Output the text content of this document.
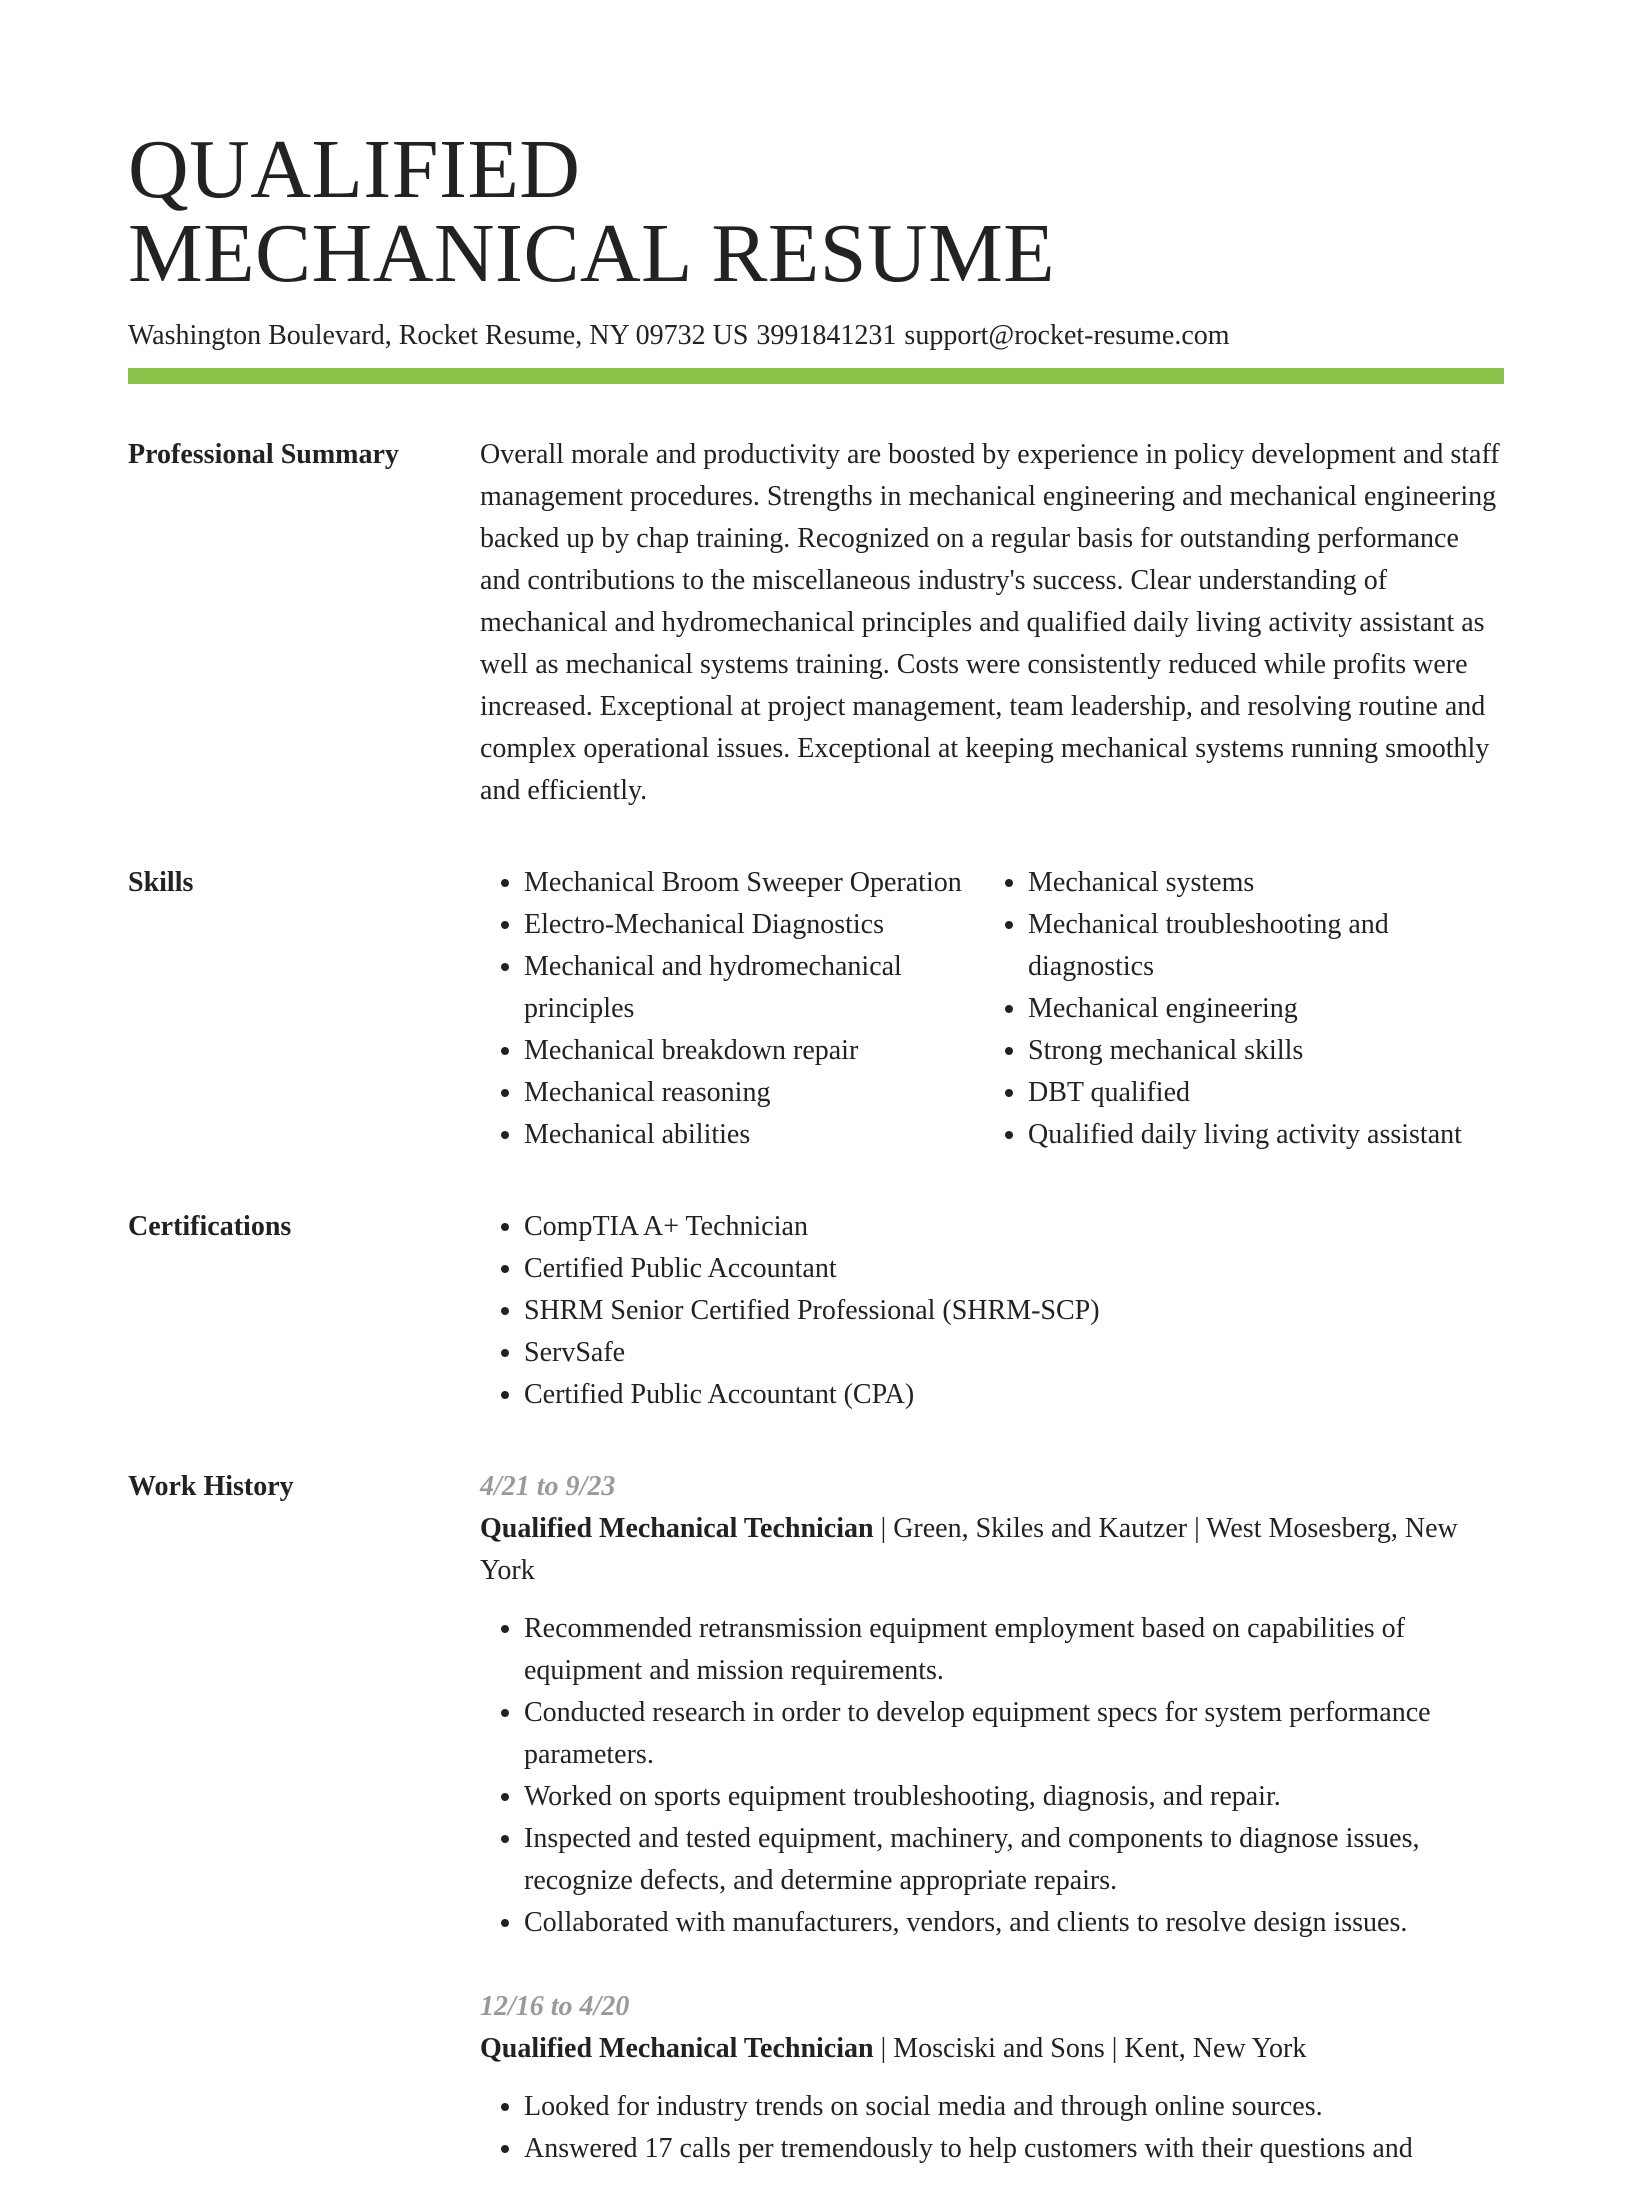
QUALIFIED
MECHANICAL RESUME
Washington Boulevard, Rocket Resume, NY 09732 US 3991841231 support@rocket-resume.com
Professional Summary	Overall morale and productivity are boosted by experience in policy development and staff management procedures. Strengths in mechanical engineering and mechanical engineering backed up by chap training. Recognized on a regular basis for outstanding performance and contributions to the miscellaneous industry's success. Clear understanding of mechanical and hydromechanical principles and qualified daily living activity assistant as well as mechanical systems training. Costs were consistently reduced while profits were increased. Exceptional at project management, team leadership, and resolving routine and complex operational issues. Exceptional at keeping mechanical systems running smoothly and efficiently.

Skills	• Mechanical Broom Sweeper Operation
• Electro-Mechanical Diagnostics
• Mechanical and hydromechanical principles
• Mechanical breakdown repair
• Mechanical reasoning
• Mechanical abilities
• Mechanical systems
• Mechanical troubleshooting and diagnostics
• Mechanical engineering
• Strong mechanical skills
• DBT qualified
• Qualified daily living activity assistant
Certifications	• CompTIA A+ Technician
• Certified Public Accountant
• SHRM Senior Certified Professional (SHRM-SCP)
• ServSafe
• Certified Public Accountant (CPA)
Work History	4/21 to 9/23
Qualified Mechanical Technician | Green, Skiles and Kautzer | West Mosesberg, New York
• Recommended retransmission equipment employment based on capabilities of equipment and mission requirements.
• Conducted research in order to develop equipment specs for system performance parameters.
• Worked on sports equipment troubleshooting, diagnosis, and repair.
• Inspected and tested equipment, machinery, and components to diagnose issues, recognize defects, and determine appropriate repairs.
• Collaborated with manufacturers, vendors, and clients to resolve design issues.
12/16 to 4/20
Qualified Mechanical Technician | Mosciski and Sons | Kent, New York
• Looked for industry trends on social media and through online sources.
• Answered 17 calls per tremendously to help customers with their questions and
